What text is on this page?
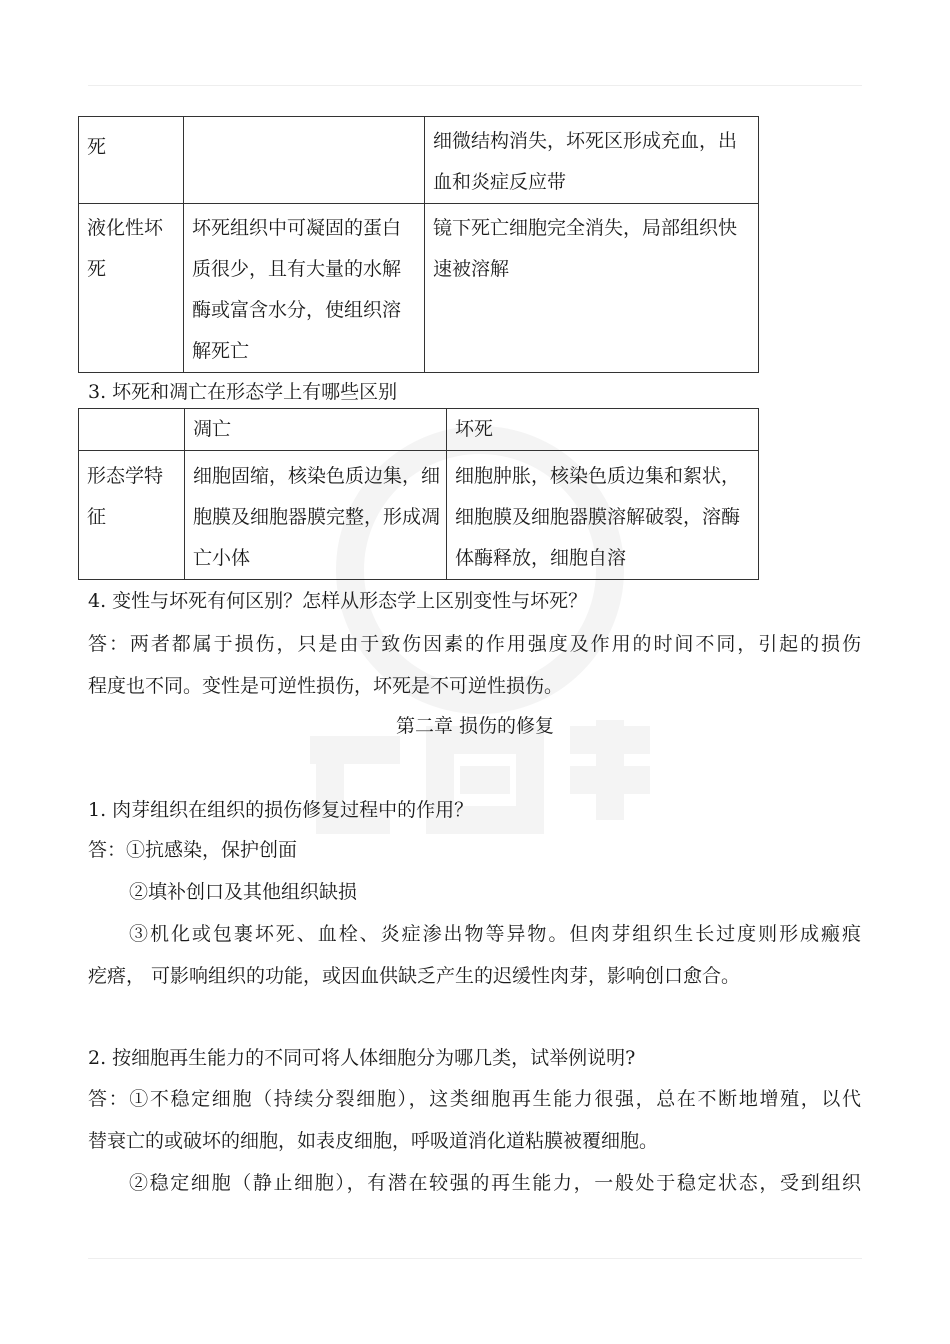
死		细微结构消失，坏死区形成充血，出血和炎症反应带
液化性坏死	坏死组织中可凝固的蛋白质很少，且有大量的水解酶或富含水分，使组织溶解死亡	镜下死亡细胞完全消失，局部组织快速被溶解
3. 坏死和凋亡在形态学上有哪些区别
	凋亡	坏死
形态学特征	细胞固缩，核染色质边集，细胞膜及细胞器膜完整，形成凋亡小体	细胞肿胀，核染色质边集和絮状，细胞膜及细胞器膜溶解破裂，溶酶体酶释放，细胞自溶
4. 变性与坏死有何区别？怎样从形态学上区别变性与坏死？
答：两者都属于损伤，只是由于致伤因素的作用强度及作用的时间不同，引起的损伤
程度也不同。变性是可逆性损伤，坏死是不可逆性损伤。
第二章 损伤的修复
1. 肉芽组织在组织的损伤修复过程中的作用？
答：①抗感染，保护创面
②填补创口及其他组织缺损
③机化或包裹坏死、血栓、炎症渗出物等异物。但肉芽组织生长过度则形成瘢痕
疙瘩， 可影响组织的功能，或因血供缺乏产生的迟缓性肉芽，影响创口愈合。
2. 按细胞再生能力的不同可将人体细胞分为哪几类，试举例说明?
答：①不稳定细胞（持续分裂细胞），这类细胞再生能力很强，总在不断地增殖，以代
替衰亡的或破坏的细胞，如表皮细胞，呼吸道消化道粘膜被覆细胞。
②稳定细胞（静止细胞），有潜在较强的再生能力，一般处于稳定状态，受到组织
